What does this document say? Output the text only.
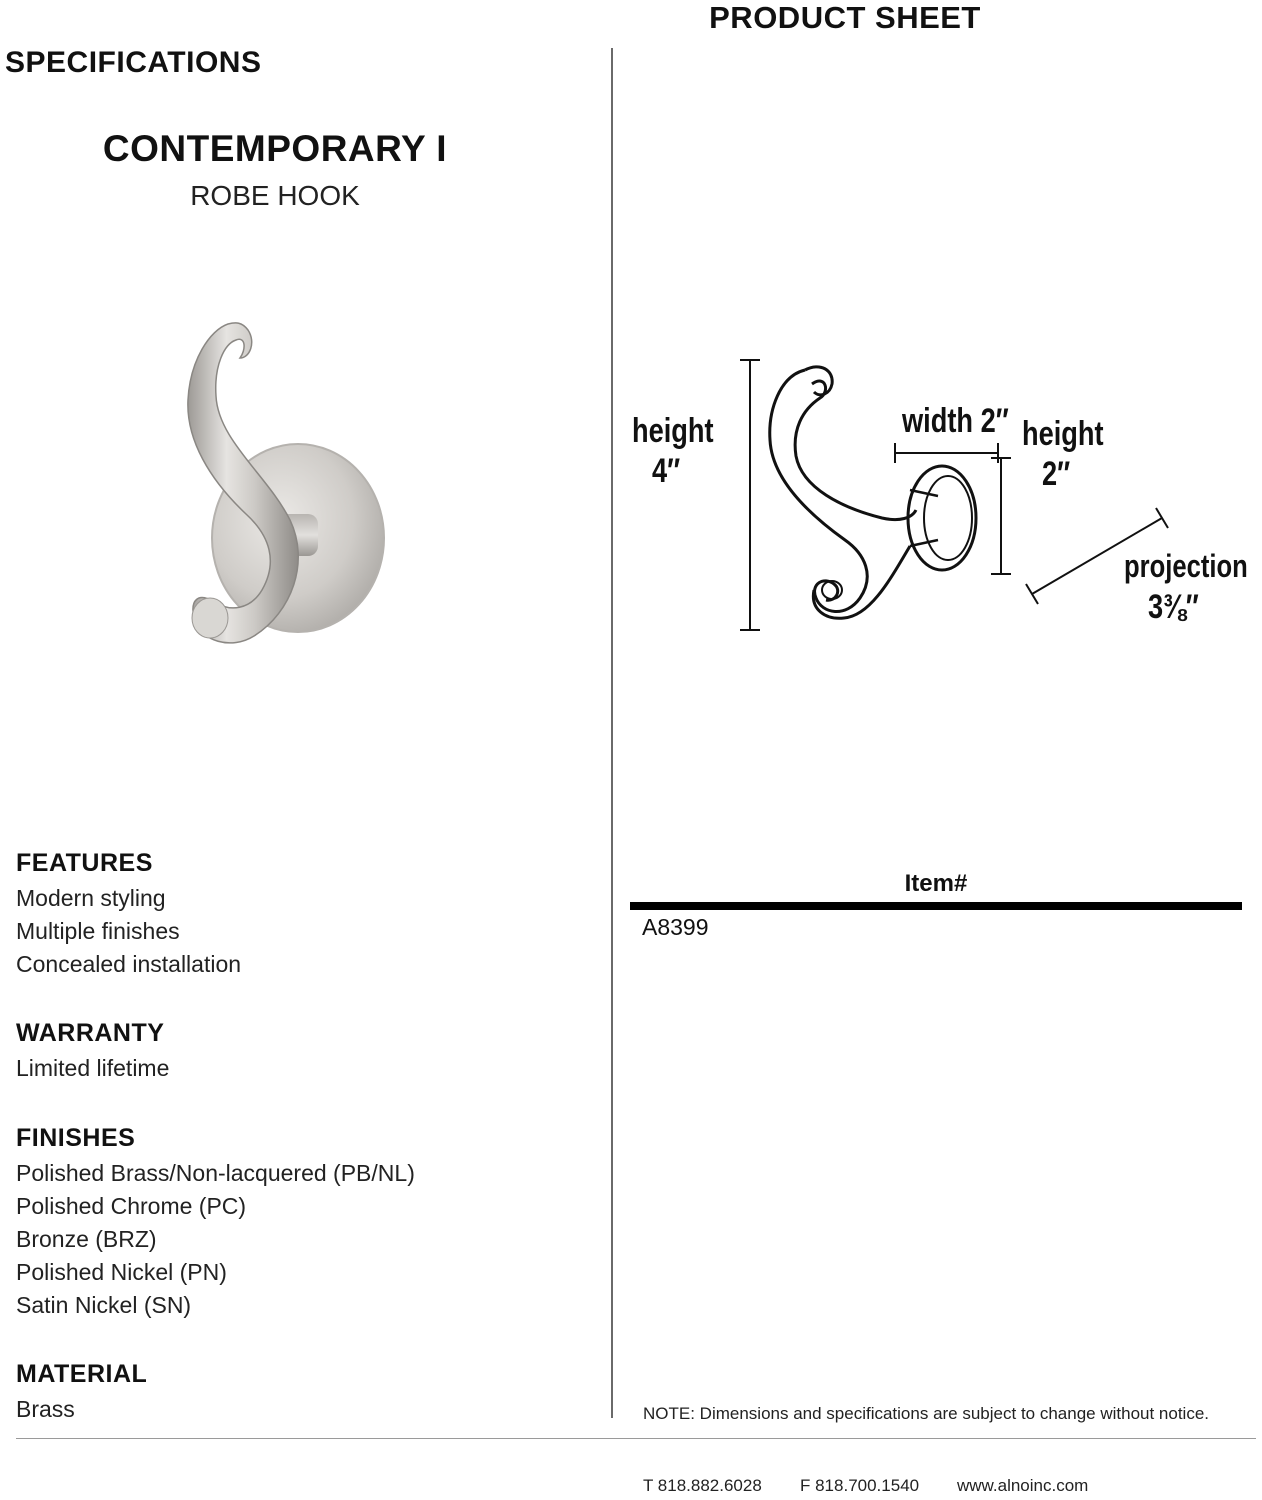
PRODUCT SHEET
SPECIFICATIONS
CONTEMPORARY I
ROBE HOOK
height
4″
width 2″ height
2″
projection
3⅜″
FEATURES
Modern styling
Multiple finishes
Concealed installation
WARRANTY
Limited lifetime
FINISHES
Polished Brass/Non-lacquered (PB/NL)
Polished Chrome (PC)
Bronze (BRZ)
Polished Nickel (PN)
Satin Nickel (SN)
MATERIAL
Brass
Item#
A8399
NOTE: Dimensions and specifications are subject to change without notice.
T 818.882.6028 F 818.700.1540 www.alnoinc.com
